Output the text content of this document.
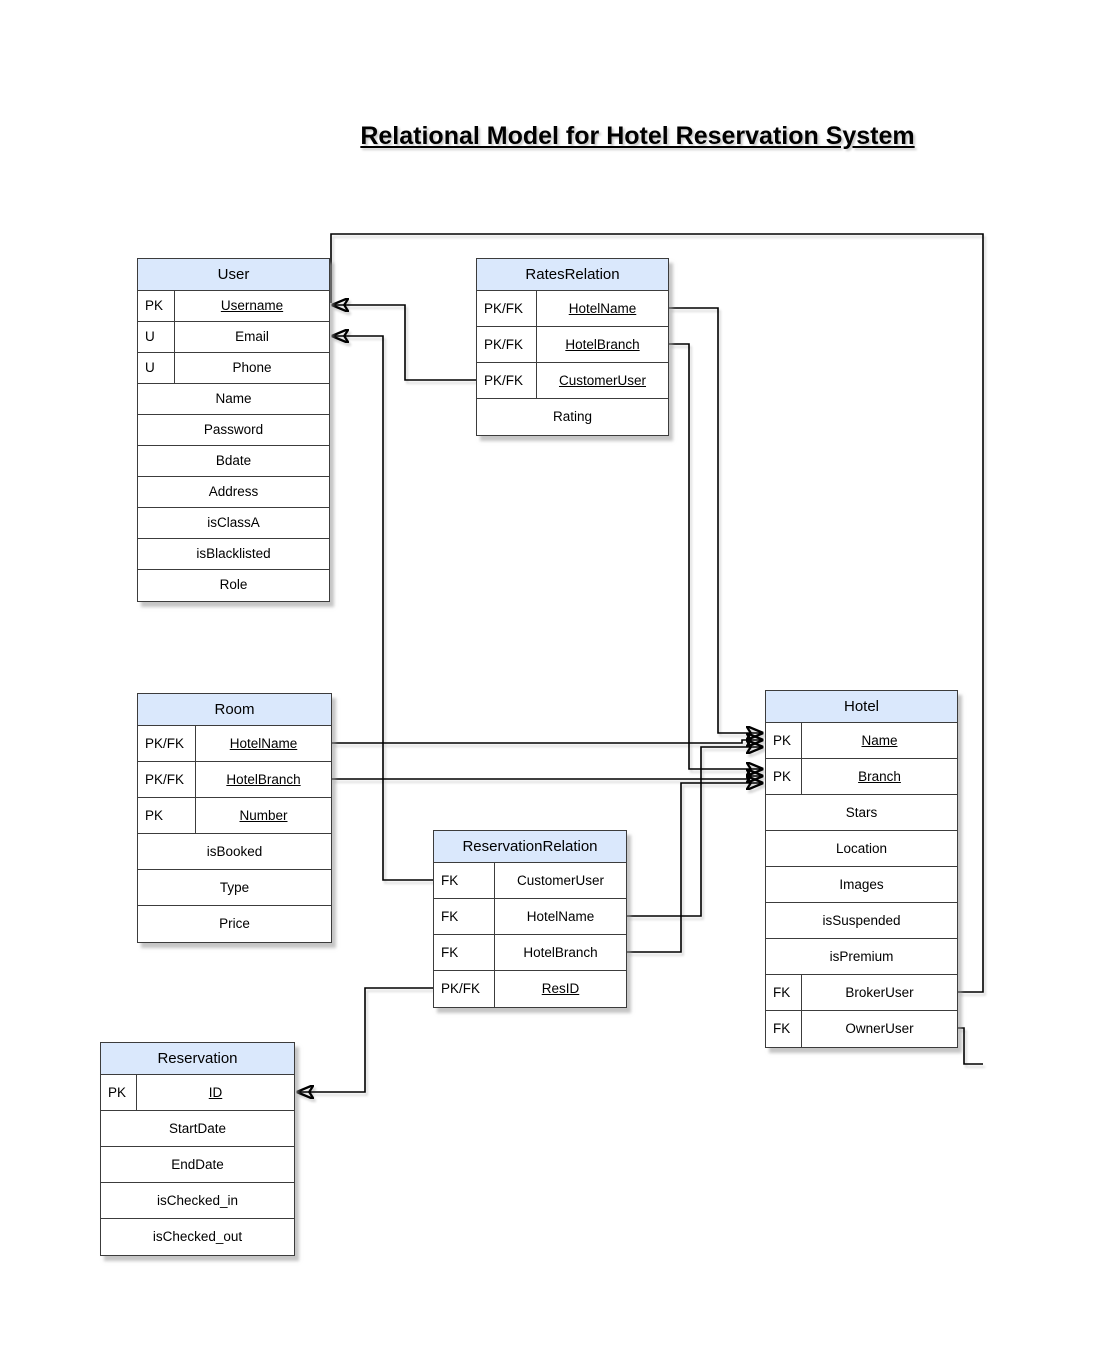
Relational Model for Hotel Reservation System
User
PK	Username
U	Email
U	Phone
Name
Password
Bdate
Address
isClassA
isBlacklisted
Role
RatesRelation
PK/FK	HotelName
PK/FK	HotelBranch
PK/FK	CustomerUser
Rating
Room
PK/FK	HotelName
PK/FK	HotelBranch
PK	Number
isBooked
Type
Price
Hotel
PK	Name
PK	Branch
Stars
Location
Images
isSuspended
isPremium
FK	BrokerUser
FK	OwnerUser
ReservationRelation
FK	CustomerUser
FK	HotelName
FK	HotelBranch
PK/FK	ResID
Reservation
PK	ID
StartDate
EndDate
isChecked_in
isChecked_out
